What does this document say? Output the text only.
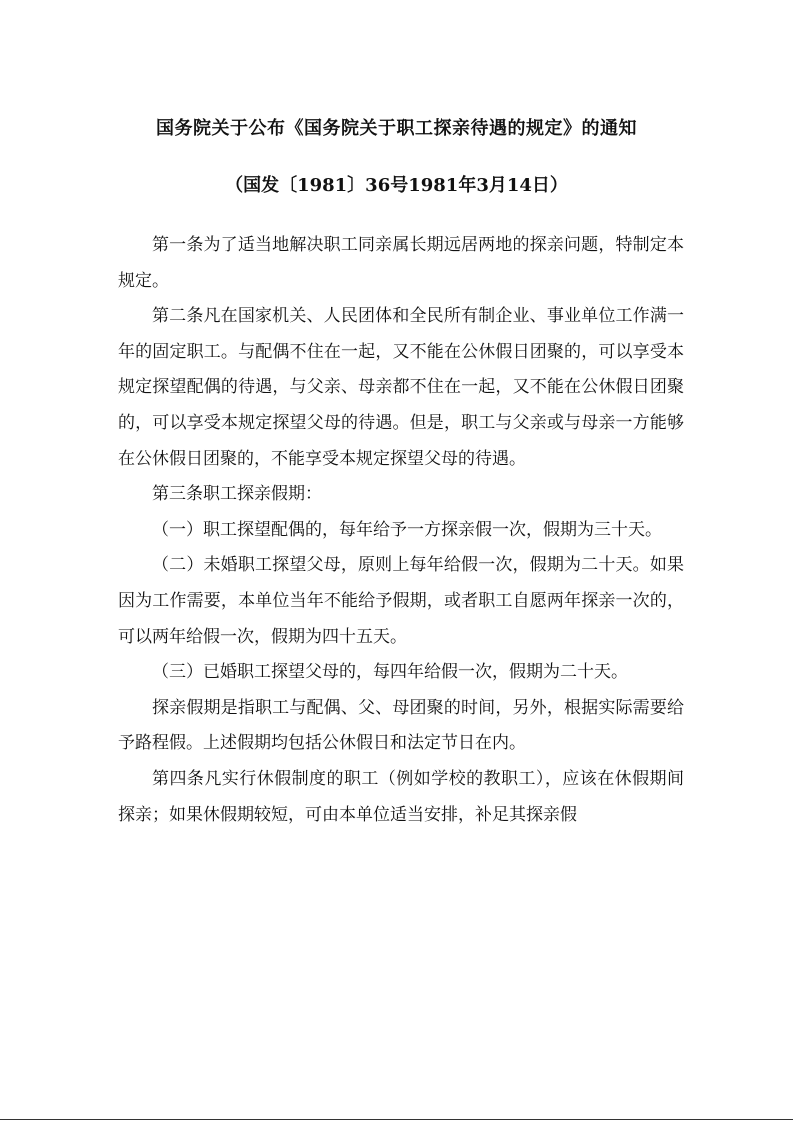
国务院关于公布《国务院关于职工探亲待遇的规定》的通知
（国发〔1981〕36号1981年3月14日）

第一条为了适当地解决职工同亲属长期远居两地的探亲问题，特制定本规定。

第二条凡在国家机关、人民团体和全民所有制企业、事业单位工作满一年的固定职工。与配偶不住在一起，又不能在公休假日团聚的，可以享受本规定探望配偶的待遇，与父亲、母亲都不住在一起，又不能在公休假日团聚的，可以享受本规定探望父母的待遇。但是，职工与父亲或与母亲一方能够在公休假日团聚的，不能享受本规定探望父母的待遇。

第三条职工探亲假期：

（一）职工探望配偶的，每年给予一方探亲假一次，假期为三十天。

（二）未婚职工探望父母，原则上每年给假一次，假期为二十天。如果因为工作需要，本单位当年不能给予假期，或者职工自愿两年探亲一次的，可以两年给假一次，假期为四十五天。

（三）已婚职工探望父母的，每四年给假一次，假期为二十天。

探亲假期是指职工与配偶、父、母团聚的时间，另外，根据实际需要给予路程假。上述假期均包括公休假日和法定节日在内。

第四条凡实行休假制度的职工（例如学校的教职工），应该在休假期间探亲；如果休假期较短，可由本单位适当安排，补足其探亲假
